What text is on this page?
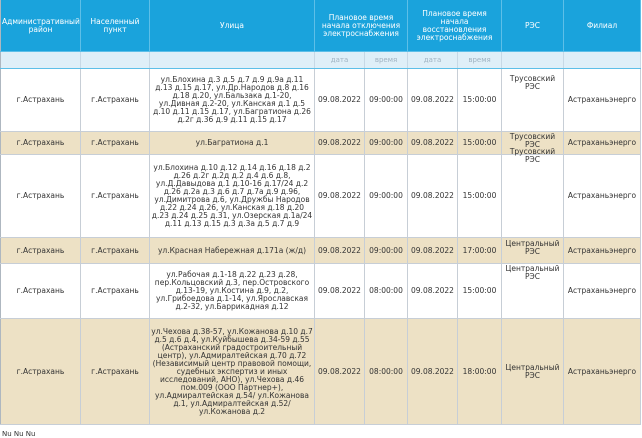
Административный район	Населенный пункт	Улица	Плановое время начала отключения электроснабжения		Плановое время начала восстановления электроснабжения		РЭС	Филиал
			дата	время	дата	время		
г.Астрахань	г.Астрахань	ул.Блохина д.3 д.5 д.7 д.9 д.9а д.11 д.13 д.15 д.17, ул.Др.Народов д.8 д.16 д.18 д.20, ул.Бальзака д.1-20, ул.Дивная д.2-20, ул.Канская д.1 д.5 д.10 д.11 д.15 д.17, ул.Багратиона д.26 д.2г д.36 д.9 д.11 д.15 д.17	09.08.2022	09:00:00	09.08.2022	15:00:00	Трусовский РЭС	Астраханьэнерго
г.Астрахань	г.Астрахань	ул.Багратиона д.1	09.08.2022	09:00:00	09.08.2022	15:00:00	Трусовский РЭС	Астраханьэнерго
г.Астрахань	г.Астрахань	ул.Блохина д.10 д.12 д.14 д.16 д.18 д.2 д.26 д.2г д.2д д.2 д.4 д.6 д.8, ул.Д.Давыдова д.1 д.10-16 д.17/24 д.2 д.26 д.2а д.3 д.6 д.7 д.7а д.9 д.96, ул.Димитрова д.6, ул.Дружбы Народов д.22 д.24 д.26, ул.Канская д.18 д.20 д.23 д.24 д.25 д.31, ул.Озерская д.1а/24 д.11 д.13 д.15 д.3 д.3а д.5 д.7 д.9	09.08.2022	09:00:00	09.08.2022	15:00:00	Трусовский РЭС	Астраханьэнерго
г.Астрахань	г.Астрахань	ул.Красная Набережная д.171а (ж/д)	09.08.2022	09:00:00	09.08.2022	17:00:00	Центральный РЭС	Астраханьэнерго
г.Астрахань	г.Астрахань	ул.Рабочая д.1-18 д.22 д.23 д.28, пер.Кольцовский д.3, пер.Островского д.13-19, ул.Костина д.9, д.2, ул.Грибоедова д.1-14, ул.Ярославская д.2-32, ул.Баррикадная д.12	09.08.2022	08:00:00	09.08.2022	15:00:00	Центральный РЭС	Астраханьэнерго
г.Астрахань	г.Астрахань	ул.Чехова д.38-57, ул.Кожанова д.10 д.7 д.5 д.6 д.4, ул.Куйбышева д.34-59 д.55 (Астраханский градостроительный центр), ул.Адмиралтейская д.70 д.72 (Независимый центр правовой помощи, судебных экспертиз и иных исследований, АНО), ул.Чехова д.46 пом.009 (ООО Партнер+), ул.Адмиралтейская д.54/ ул.Кожанова д.1, ул.Адмиралтейская д.52/ ул.Кожанова д.2	09.08.2022	08:00:00	09.08.2022	18:00:00	Центральный РЭС	Астраханьэнерго
Nu Nu Nu
